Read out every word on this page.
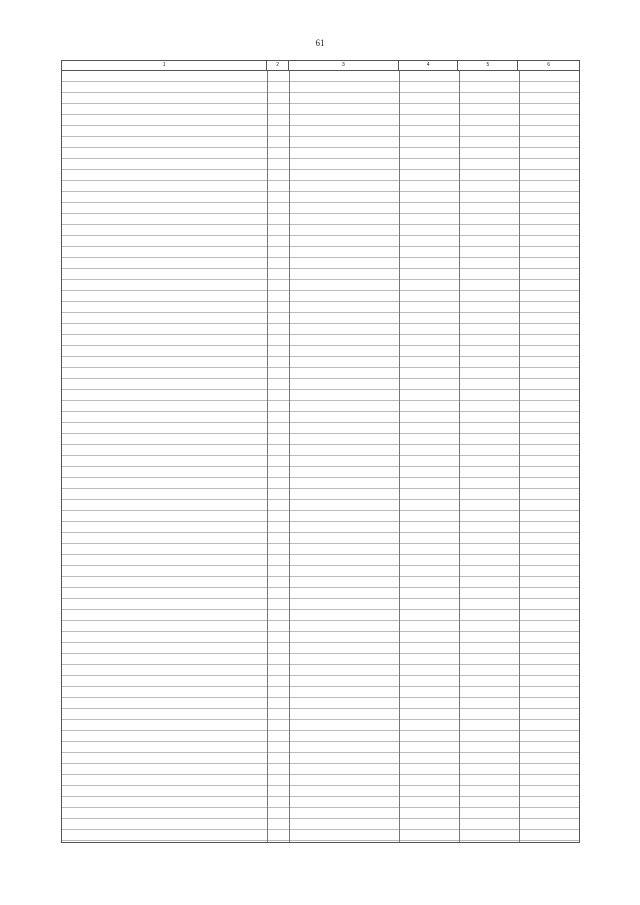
61
1	2	3	4	5	6
